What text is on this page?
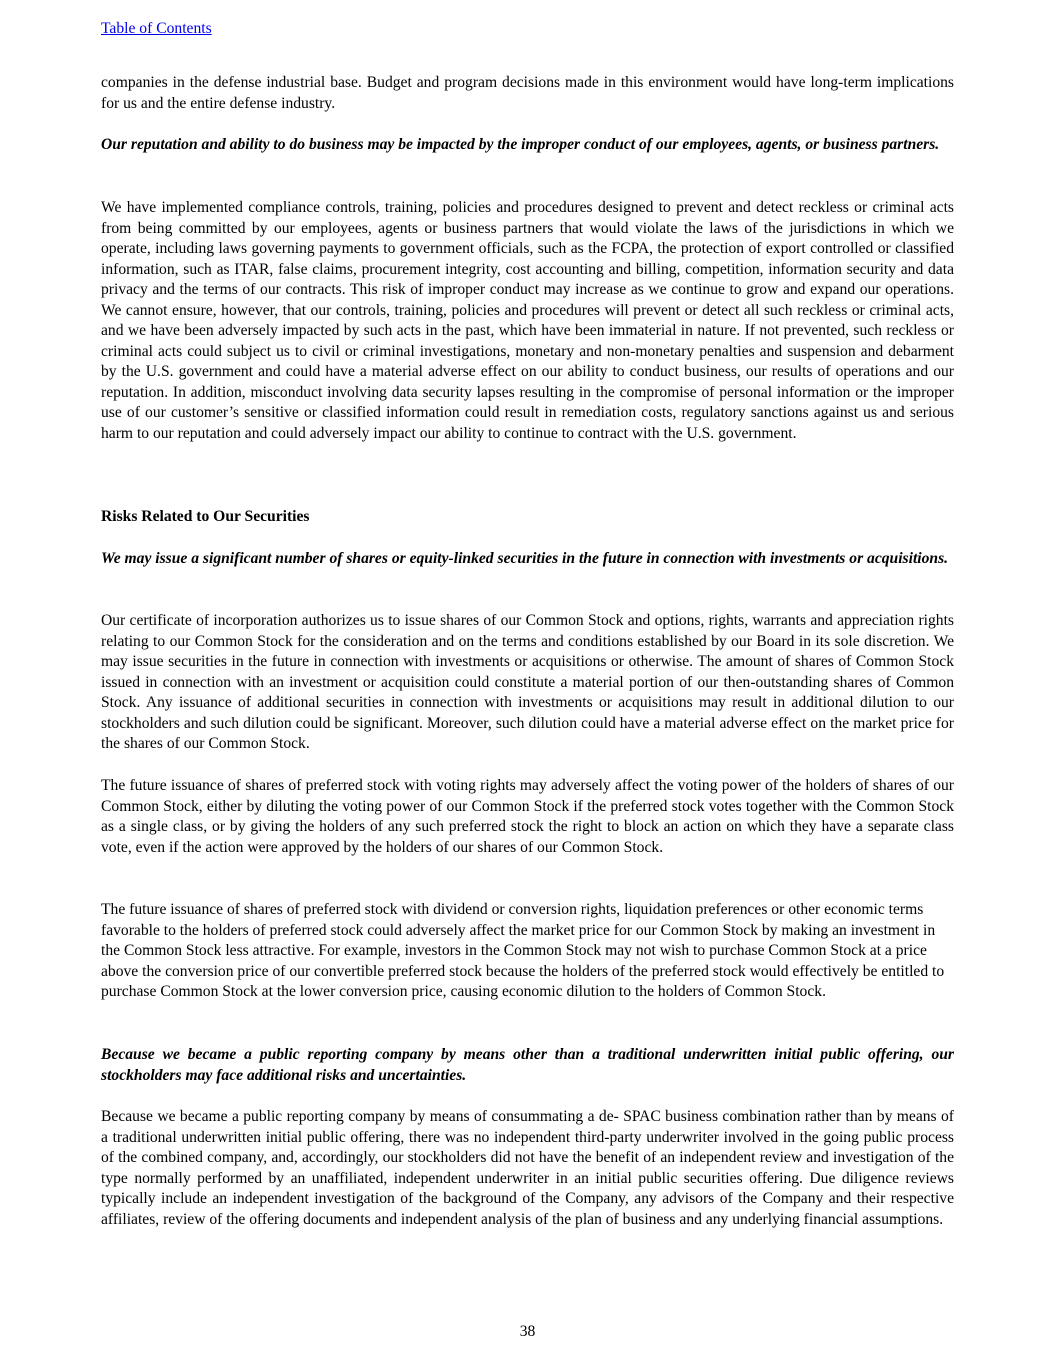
Table of Contents

companies in the defense industrial base. Budget and program decisions made in this environment would have long-term implications for us and the entire defense industry.

Our reputation and ability to do business may be impacted by the improper conduct of our employees, agents, or business partners.

We have implemented compliance controls, training, policies and procedures designed to prevent and detect reckless or criminal acts from being committed by our employees, agents or business partners that would violate the laws of the jurisdictions in which we operate, including laws governing payments to government officials, such as the FCPA, the protection of export controlled or classified information, such as ITAR, false claims, procurement integrity, cost accounting and billing, competition, information security and data privacy and the terms of our contracts. This risk of improper conduct may increase as we continue to grow and expand our operations. We cannot ensure, however, that our controls, training, policies and procedures will prevent or detect all such reckless or criminal acts, and we have been adversely impacted by such acts in the past, which have been immaterial in nature. If not prevented, such reckless or criminal acts could subject us to civil or criminal investigations, monetary and non-monetary penalties and suspension and debarment by the U.S. government and could have a material adverse effect on our ability to conduct business, our results of operations and our reputation. In addition, misconduct involving data security lapses resulting in the compromise of personal information or the improper use of our customer’s sensitive or classified information could result in remediation costs, regulatory sanctions against us and serious harm to our reputation and could adversely impact our ability to continue to contract with the U.S. government.

Risks Related to Our Securities

We may issue a significant number of shares or equity-linked securities in the future in connection with investments or acquisitions.

Our certificate of incorporation authorizes us to issue shares of our Common Stock and options, rights, warrants and appreciation rights relating to our Common Stock for the consideration and on the terms and conditions established by our Board in its sole discretion. We may issue securities in the future in connection with investments or acquisitions or otherwise. The amount of shares of Common Stock issued in connection with an investment or acquisition could constitute a material portion of our then-outstanding shares of Common Stock. Any issuance of additional securities in connection with investments or acquisitions may result in additional dilution to our stockholders and such dilution could be significant. Moreover, such dilution could have a material adverse effect on the market price for the shares of our Common Stock.

The future issuance of shares of preferred stock with voting rights may adversely affect the voting power of the holders of shares of our Common Stock, either by diluting the voting power of our Common Stock if the preferred stock votes together with the Common Stock as a single class, or by giving the holders of any such preferred stock the right to block an action on which they have a separate class vote, even if the action were approved by the holders of our shares of our Common Stock.

The future issuance of shares of preferred stock with dividend or conversion rights, liquidation preferences or other economic terms favorable to the holders of preferred stock could adversely affect the market price for our Common Stock by making an investment in the Common Stock less attractive. For example, investors in the Common Stock may not wish to purchase Common Stock at a price above the conversion price of our convertible preferred stock because the holders of the preferred stock would effectively be entitled to purchase Common Stock at the lower conversion price, causing economic dilution to the holders of Common Stock.

Because we became a public reporting company by means other than a traditional underwritten initial public offering, our stockholders may face additional risks and uncertainties.

Because we became a public reporting company by means of consummating a de- SPAC business combination rather than by means of a traditional underwritten initial public offering, there was no independent third-party underwriter involved in the going public process of the combined company, and, accordingly, our stockholders did not have the benefit of an independent review and investigation of the type normally performed by an unaffiliated, independent underwriter in an initial public securities offering. Due diligence reviews typically include an independent investigation of the background of the Company, any advisors of the Company and their respective affiliates, review of the offering documents and independent analysis of the plan of business and any underlying financial assumptions.

38
